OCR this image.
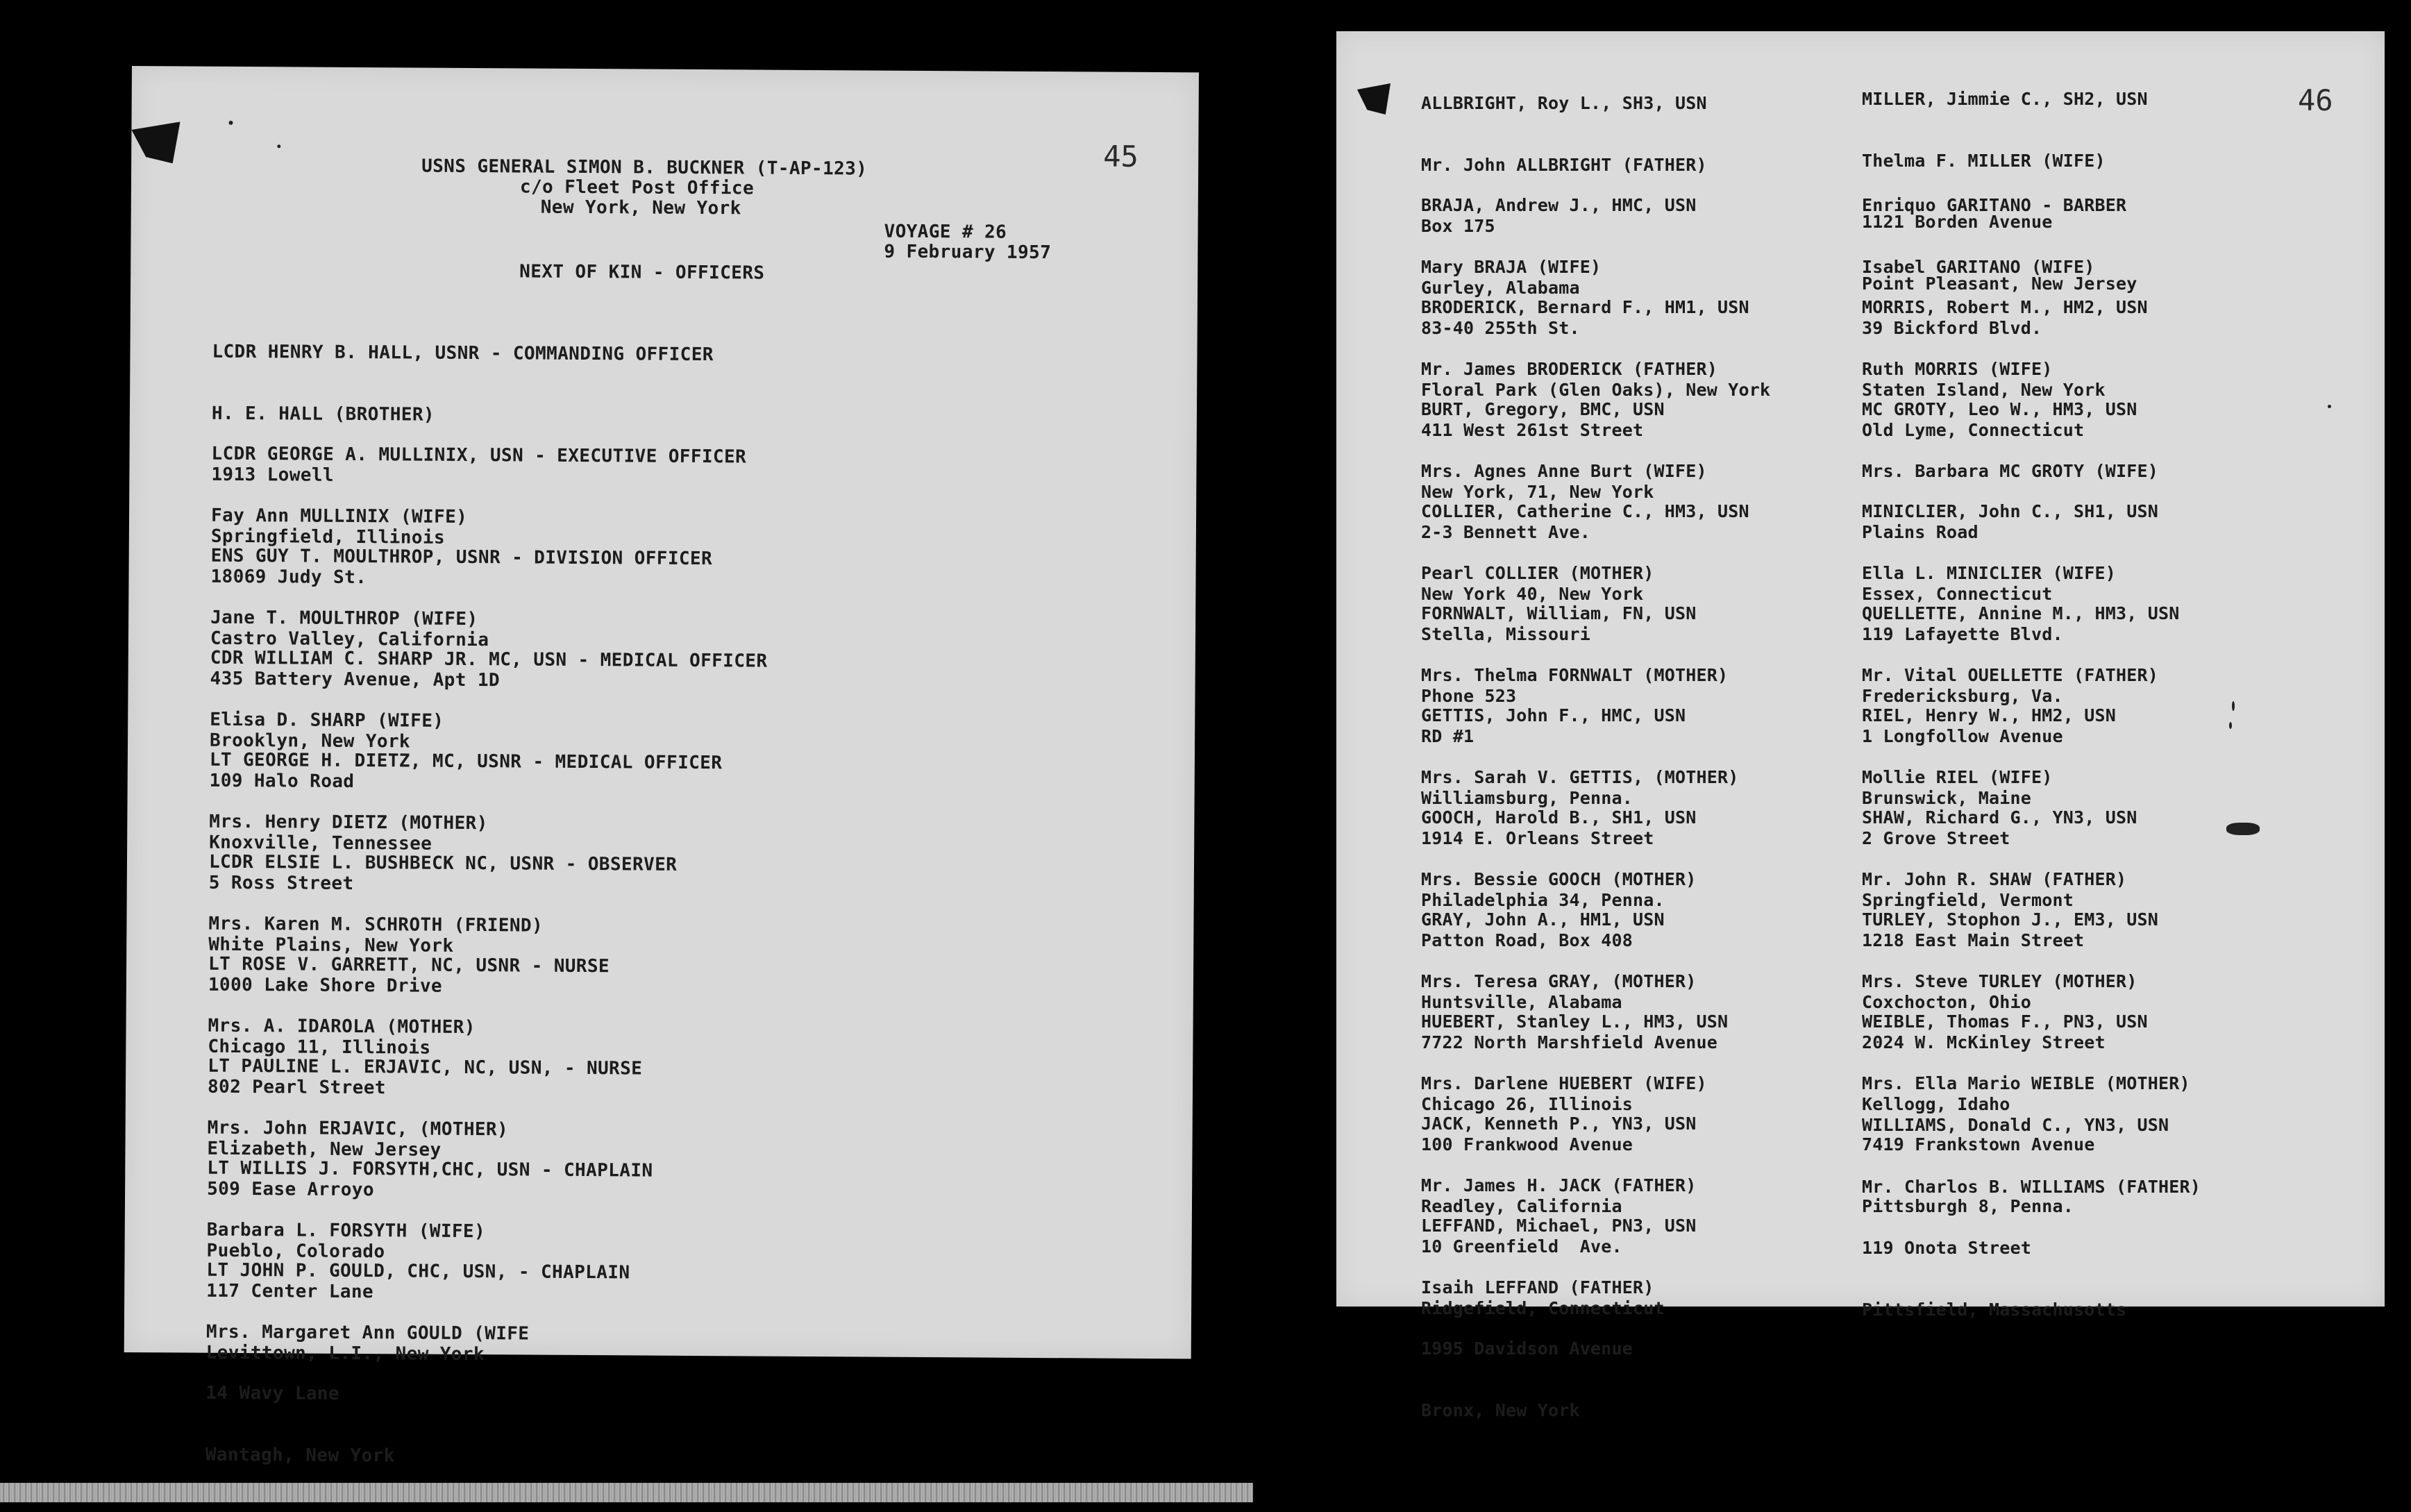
45
USNS GENERAL SIMON B. BUCKNER (T-AP-123)
c/o Fleet Post Office
New York, New York
VOYAGE # 26
9 February 1957
NEXT OF KIN - OFFICERS

LCDR HENRY B. HALL, USNR - COMMANDING OFFICER

H. E. HALL (BROTHER)

1913 Lowell

Springfield, Illinois

LCDR GEORGE A. MULLINIX, USN - EXECUTIVE OFFICER

Fay Ann MULLINIX (WIFE)

18069 Judy St.

Castro Valley, California

ENS GUY T. MOULTHROP, USNR - DIVISION OFFICER

Jane T. MOULTHROP (WIFE)

435 Battery Avenue, Apt 1D

Brooklyn, New York

CDR WILLIAM C. SHARP JR. MC, USN - MEDICAL OFFICER

Elisa D. SHARP (WIFE)

109 Halo Road

Knoxville, Tennessee

LT GEORGE H. DIETZ, MC, USNR - MEDICAL OFFICER

Mrs. Henry DIETZ (MOTHER)

5 Ross Street

White Plains, New York

LCDR ELSIE L. BUSHBECK NC, USNR - OBSERVER

Mrs. Karen M. SCHROTH (FRIEND)

1000 Lake Shore Drive

Chicago 11, Illinois

LT ROSE V. GARRETT, NC, USNR - NURSE

Mrs. A. IDAROLA (MOTHER)

802 Pearl Street

Elizabeth, New Jersey

LT PAULINE L. ERJAVIC, NC, USN, - NURSE

Mrs. John ERJAVIC, (MOTHER)

509 Ease Arroyo

Pueblo, Colorado

LT WILLIS J. FORSYTH,CHC, USN - CHAPLAIN

Barbara L. FORSYTH (WIFE)

117 Center Lane

Levittown, L.I., New York

LT JOHN P. GOULD, CHC, USN, - CHAPLAIN

Mrs. Margaret Ann GOULD (WIFE

14 Wavy Lane

Wantagh, New York

46

ALLBRIGHT, Roy L., SH3, USN

Mr. John ALLBRIGHT (FATHER)

Box 175

Gurley, Alabama

BRAJA, Andrew J., HMC, USN

Mary BRAJA (WIFE)

83-40 255th St.

Floral Park (Glen Oaks), New York

BRODERICK, Bernard F., HM1, USN

Mr. James BRODERICK (FATHER)

411 West 261st Street

New York, 71, New York

BURT, Gregory, BMC, USN

Mrs. Agnes Anne Burt (WIFE)

2-3 Bennett Ave.

New York 40, New York

COLLIER, Catherine C., HM3, USN

Pearl COLLIER (MOTHER)

Stella, Missouri

Phone 523

FORNWALT, William, FN, USN

Mrs. Thelma FORNWALT (MOTHER)

RD #1

Williamsburg, Penna.

GETTIS, John F., HMC, USN

Mrs. Sarah V. GETTIS, (MOTHER)

1914 E. Orleans Street

Philadelphia 34, Penna.

GOOCH, Harold B., SH1, USN

Mrs. Bessie GOOCH (MOTHER)

Patton Road, Box 408

Huntsville, Alabama

GRAY, John A., HM1, USN

Mrs. Teresa GRAY, (MOTHER)

7722 North Marshfield Avenue

Chicago 26, Illinois

HUEBERT, Stanley L., HM3, USN

Mrs. Darlene HUEBERT (WIFE)

100 Frankwood Avenue

Readley, California

JACK, Kenneth P., YN3, USN

Mr. James H. JACK (FATHER)

10 Greenfield  Ave.

Ridgefield, Connecticut

LEFFAND, Michael, PN3, USN

Isaih LEFFAND (FATHER)

1995 Davidson Avenue

Bronx, New York

MILLER, Jimmie C., SH2, USN

Thelma F. MILLER (WIFE)

1121 Borden Avenue

Point Pleasant, New Jersey

Enriquo GARITANO - BARBER

Isabel GARITANO (WIFE)

39 Bickford Blvd.

Staten Island, New York

MORRIS, Robert M., HM2, USN

Ruth MORRIS (WIFE)

Old Lyme, Connecticut

MC GROTY, Leo W., HM3, USN

Mrs. Barbara MC GROTY (WIFE)

Plains Road

Essex, Connecticut

MINICLIER, John C., SH1, USN

Ella L. MINICLIER (WIFE)

119 Lafayette Blvd.

Fredericksburg, Va.

QUELLETTE, Annine M., HM3, USN

Mr. Vital OUELLETTE (FATHER)

1 Longfollow Avenue

Brunswick, Maine

RIEL, Henry W., HM2, USN

Mollie RIEL (WIFE)

2 Grove Street

Springfield, Vermont

SHAW, Richard G., YN3, USN

Mr. John R. SHAW (FATHER)

1218 East Main Street

Coxchocton, Ohio

TURLEY, Stophon J., EM3, USN

Mrs. Steve TURLEY (MOTHER)

2024 W. McKinley Street

Kellogg, Idaho

WEIBLE, Thomas F., PN3, USN

Mrs. Ella Mario WEIBLE (MOTHER)

7419 Frankstown Avenue

Pittsburgh 8, Penna.

WILLIAMS, Donald C., YN3, USN

Mr. Charlos B. WILLIAMS (FATHER)

119 Onota Street

Pittsfield, Massachusotts
